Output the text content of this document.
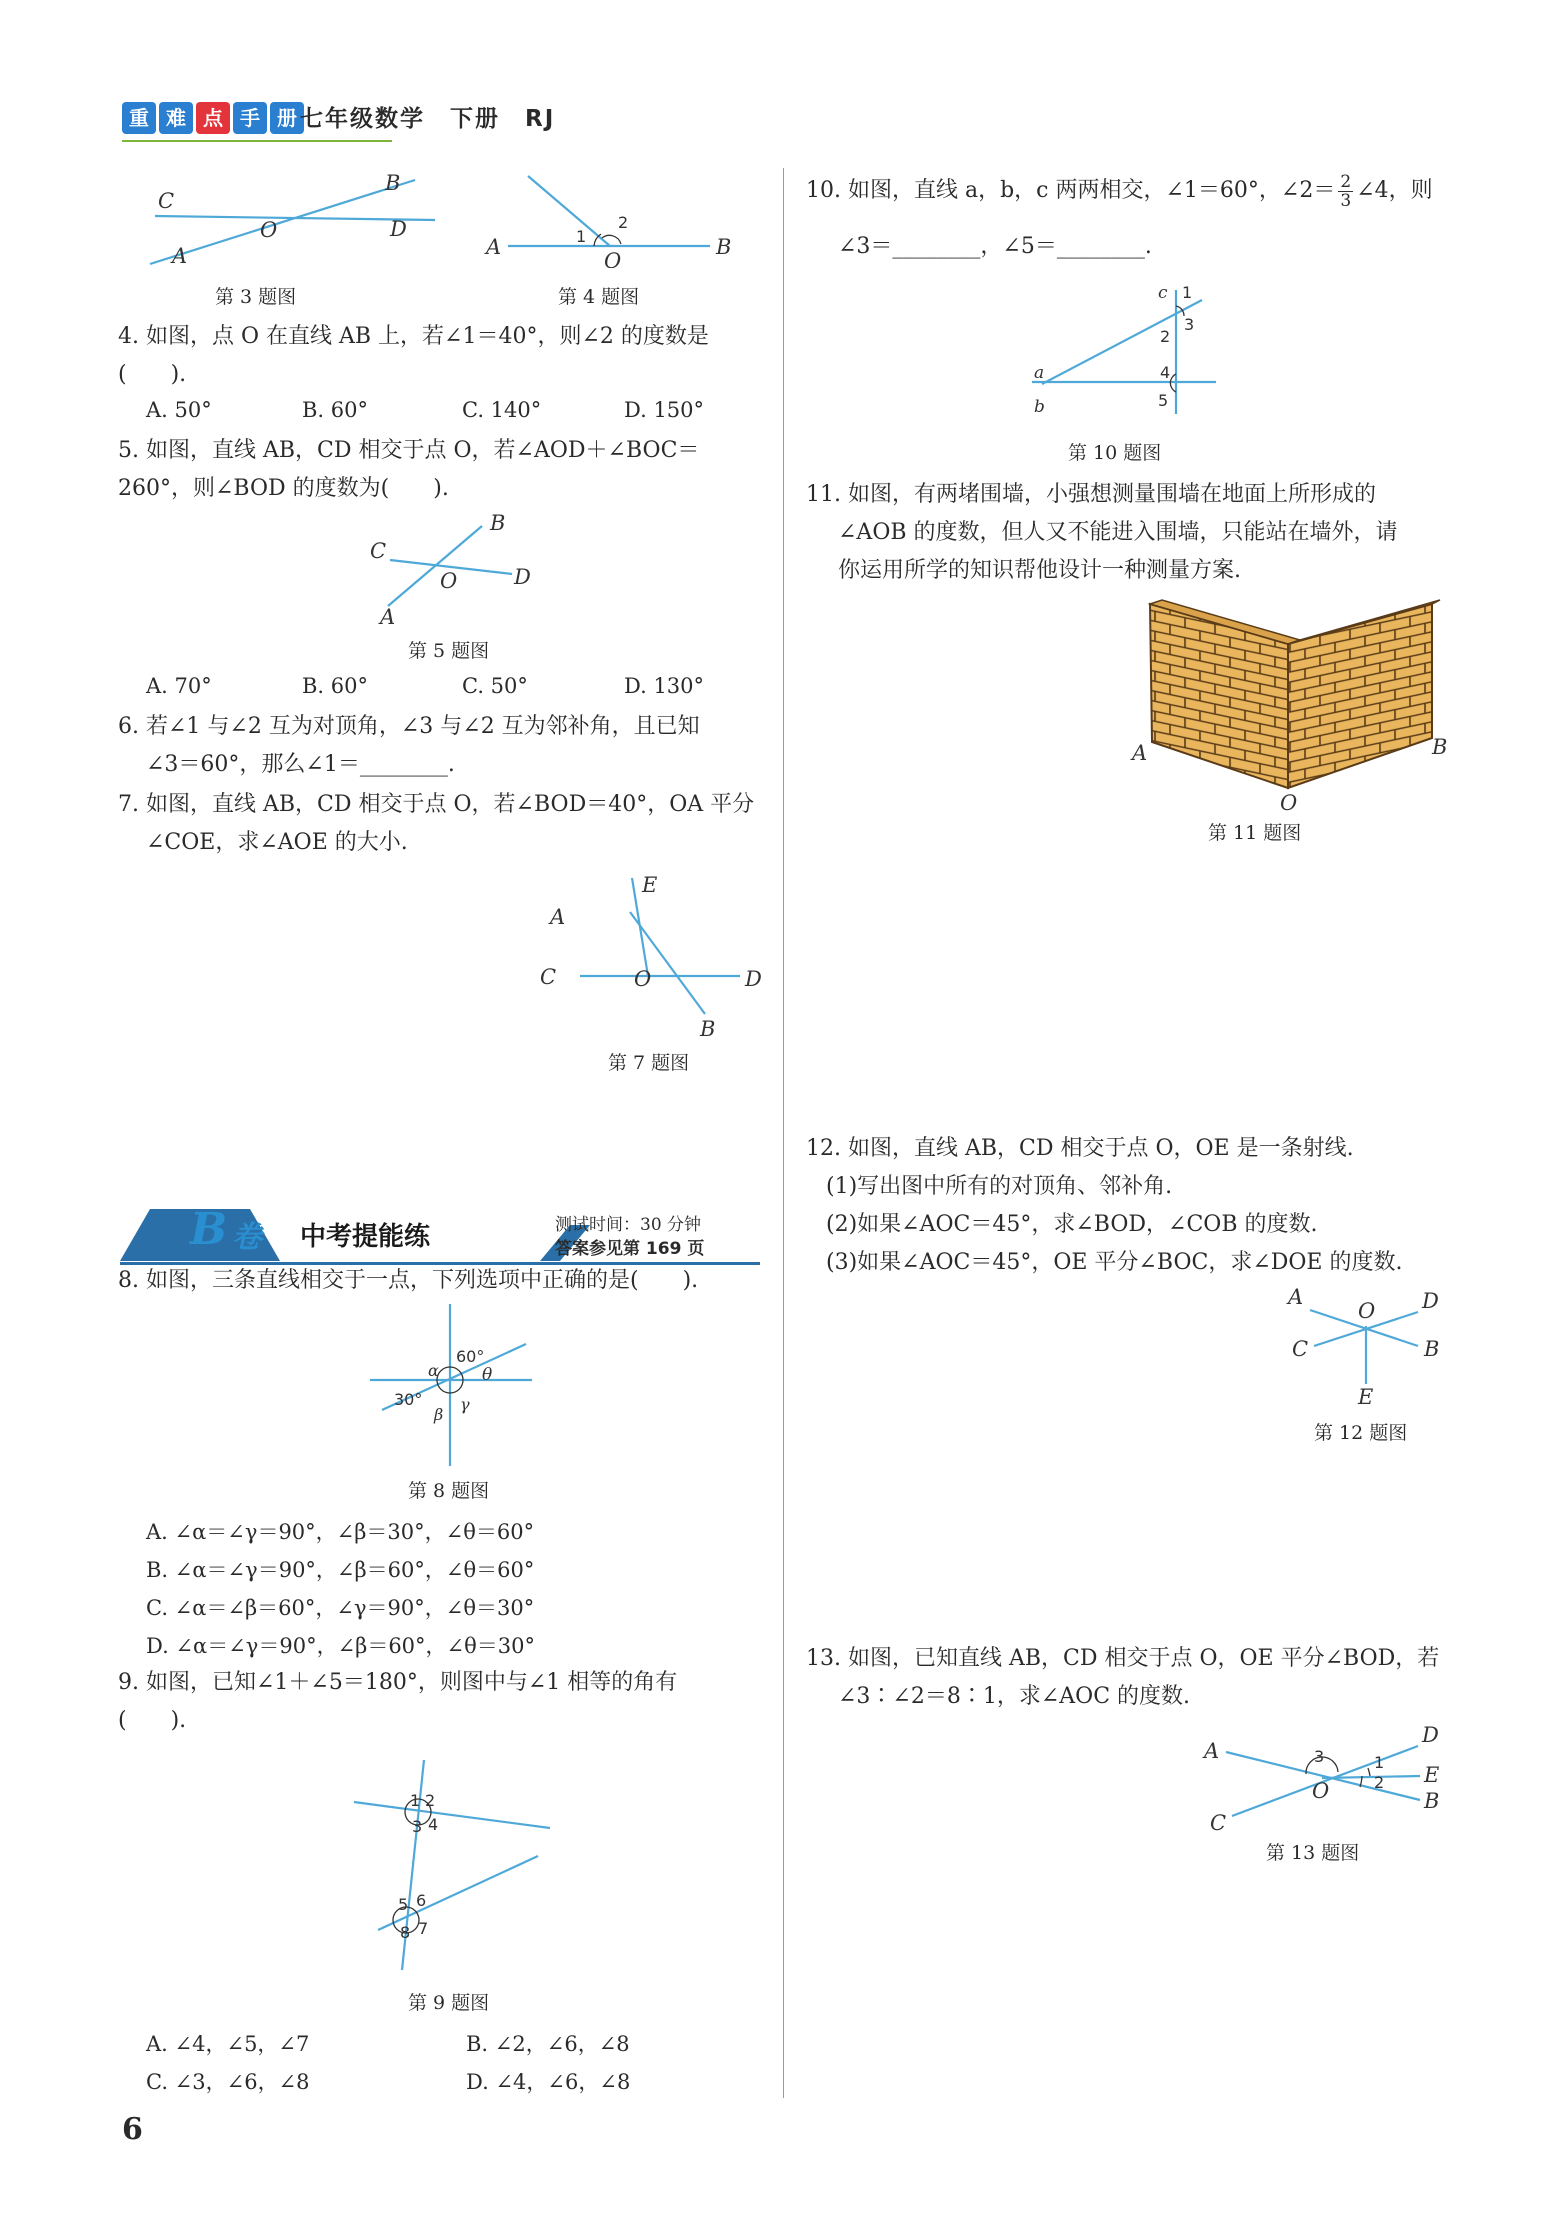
重 难 点 手 册 七年级数学　下册　RJ
C
B
O	D
A
第 3 题图
A
O
B
1
2
第 4 题图
4. 如图，点 O 在直线 AB 上，若∠1＝40°，则∠2 的度数是
(　　).
A. 50°	B. 60°	C. 140°	D. 150°
5. 如图，直线 AB，CD 相交于点 O，若∠AOD＋∠BOC＝
260°，则∠BOD 的度数为(　　).
C
B
O	D
A
第 5 题图
A. 70°	B. 60°	C. 50°	D. 130°
6. 若∠1 与∠2 互为对顶角，∠3 与∠2 互为邻补角，且已知
∠3＝60°，那么∠1＝________.
7. 如图，直线 AB，CD 相交于点 O，若∠BOD＝40°，OA 平分
∠COE，求∠AOE 的大小.
E
A
C	O	D
B
第 7 题图
B 卷 中考提能练	测试时间：30 分钟
答案参见第 169 页
8. 如图，三条直线相交于一点，下列选项中正确的是(　　).
60°
α	θ
30°
β
γ
第 8 题图
A. ∠α＝∠γ＝90°，∠β＝30°，∠θ＝60°
B. ∠α＝∠γ＝90°，∠β＝60°，∠θ＝60°
C. ∠α＝∠β＝60°，∠γ＝90°，∠θ＝30°
D. ∠α＝∠γ＝90°，∠β＝60°，∠θ＝30°
9. 如图，已知∠1＋∠5＝180°，则图中与∠1 相等的角有
(　　).
1 2
3 4
5 6
8 7
第 9 题图
A. ∠4，∠5，∠7	B. ∠2，∠6，∠8
C. ∠3，∠6，∠8	D. ∠4，∠6，∠8
6
10. 如图，直线 a，b，c 两两相交，∠1＝60°，∠2＝ $\frac{2}{3}$ ∠4，则
∠3＝________，∠5＝________.
c 1
2
3
a	4
5
b
第 10 题图
11. 如图，有两堵围墙，小强想测量围墙在地面上所形成的
∠AOB 的度数，但人又不能进入围墙，只能站在墙外，请
你运用所学的知识帮他设计一种测量方案.
A
O
B
第 11 题图
12. 如图，直线 AB，CD 相交于点 O，OE 是一条射线.
(1)写出图中所有的对顶角、邻补角.
(2)如果∠AOC＝45°，求∠BOD，∠COB 的度数.
(3)如果∠AOC＝45°，OE 平分∠BOC，求∠DOE 的度数.
A
O D
C	B
E
第 12 题图
13. 如图，已知直线 AB，CD 相交于点 O，OE 平分∠BOD，若
∠3∶∠2＝8∶1，求∠AOC 的度数.
A	3
D
1
E
O	2
B
C
第 13 题图
